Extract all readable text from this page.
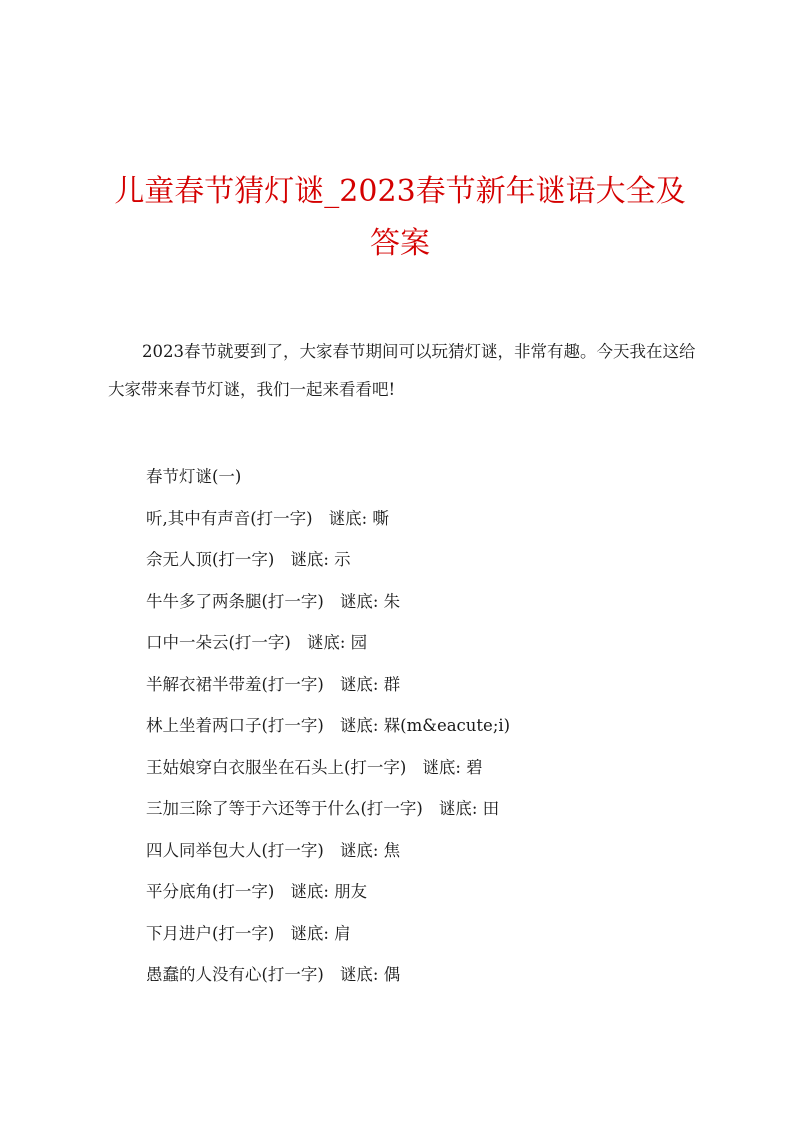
儿童春节猜灯谜_2023春节新年谜语大全及答案

2023春节就要到了，大家春节期间可以玩猜灯谜，非常有趣。今天我在这给大家带来春节灯谜，我们一起来看看吧!

春节灯谜(一)
听,其中有声音(打一字) 谜底: 嘶
佘无人顶(打一字) 谜底: 示
牛牛多了两条腿(打一字) 谜底: 朱
口中一朵云(打一字) 谜底: 园
半解衣裙半带羞(打一字) 谜底: 群
林上坐着两口子(打一字) 谜底: 槑(m&eacute;i)
王姑娘穿白衣服坐在石头上(打一字) 谜底: 碧
三加三除了等于六还等于什么(打一字) 谜底: 田
四人同举包大人(打一字) 谜底: 焦
平分底角(打一字) 谜底: 朋友
下月进户(打一字) 谜底: 肩
愚蠢的人没有心(打一字) 谜底: 偶
